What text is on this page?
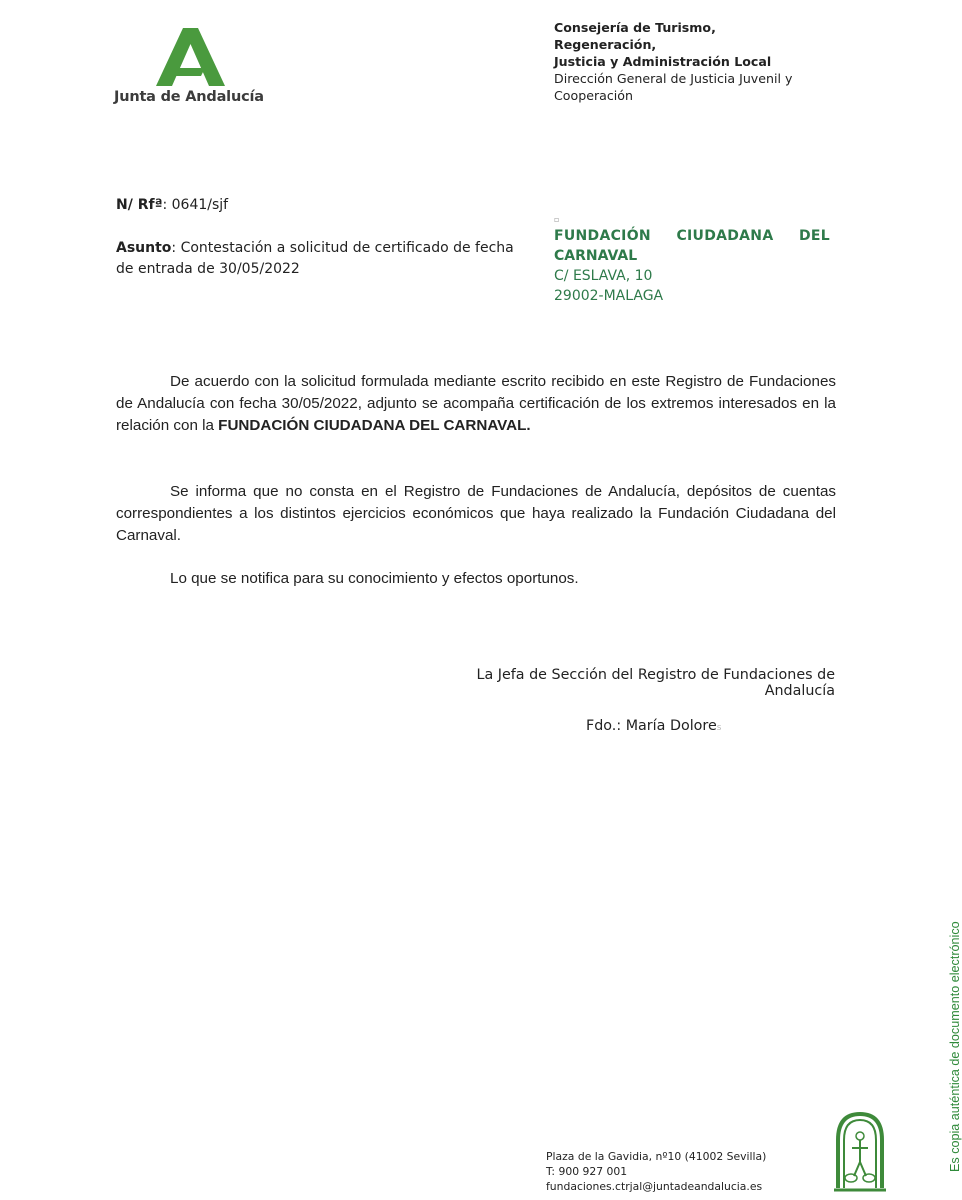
Junta de Andalucía
Consejería de Turismo, Regeneración,
Justicia y Administración Local
Dirección General de Justicia Juvenil y
Cooperación
N/ Rfª: 0641/sjf
Asunto: Contestación a solicitud de certificado de fecha de entrada de 30/05/2022
▫
FUNDACIÓN CIUDADANA DEL
CARNAVAL
C/ ESLAVA, 10
29002-MALAGA
De acuerdo con la solicitud formulada mediante escrito recibido en este Registro de Fundaciones de Andalucía con fecha 30/05/2022, adjunto se acompaña certificación de los extremos interesados en la relación con la FUNDACIÓN CIUDADANA DEL CARNAVAL.
Se informa que no consta en el Registro de Fundaciones de Andalucía, depósitos de cuentas correspondientes a los distintos ejercicios económicos que haya realizado la Fundación Ciudadana del Carnaval.
Lo que se notifica para su conocimiento y efectos oportunos.
La Jefa de Sección del Registro de Fundaciones de Andalucía
Fdo.: María Dolores
Plaza de la Gavidia, nº10 (41002 Sevilla)
T: 900 927 001
fundaciones.ctrjal@juntadeandalucia.es
Es copia auténtica de documento electrónico
